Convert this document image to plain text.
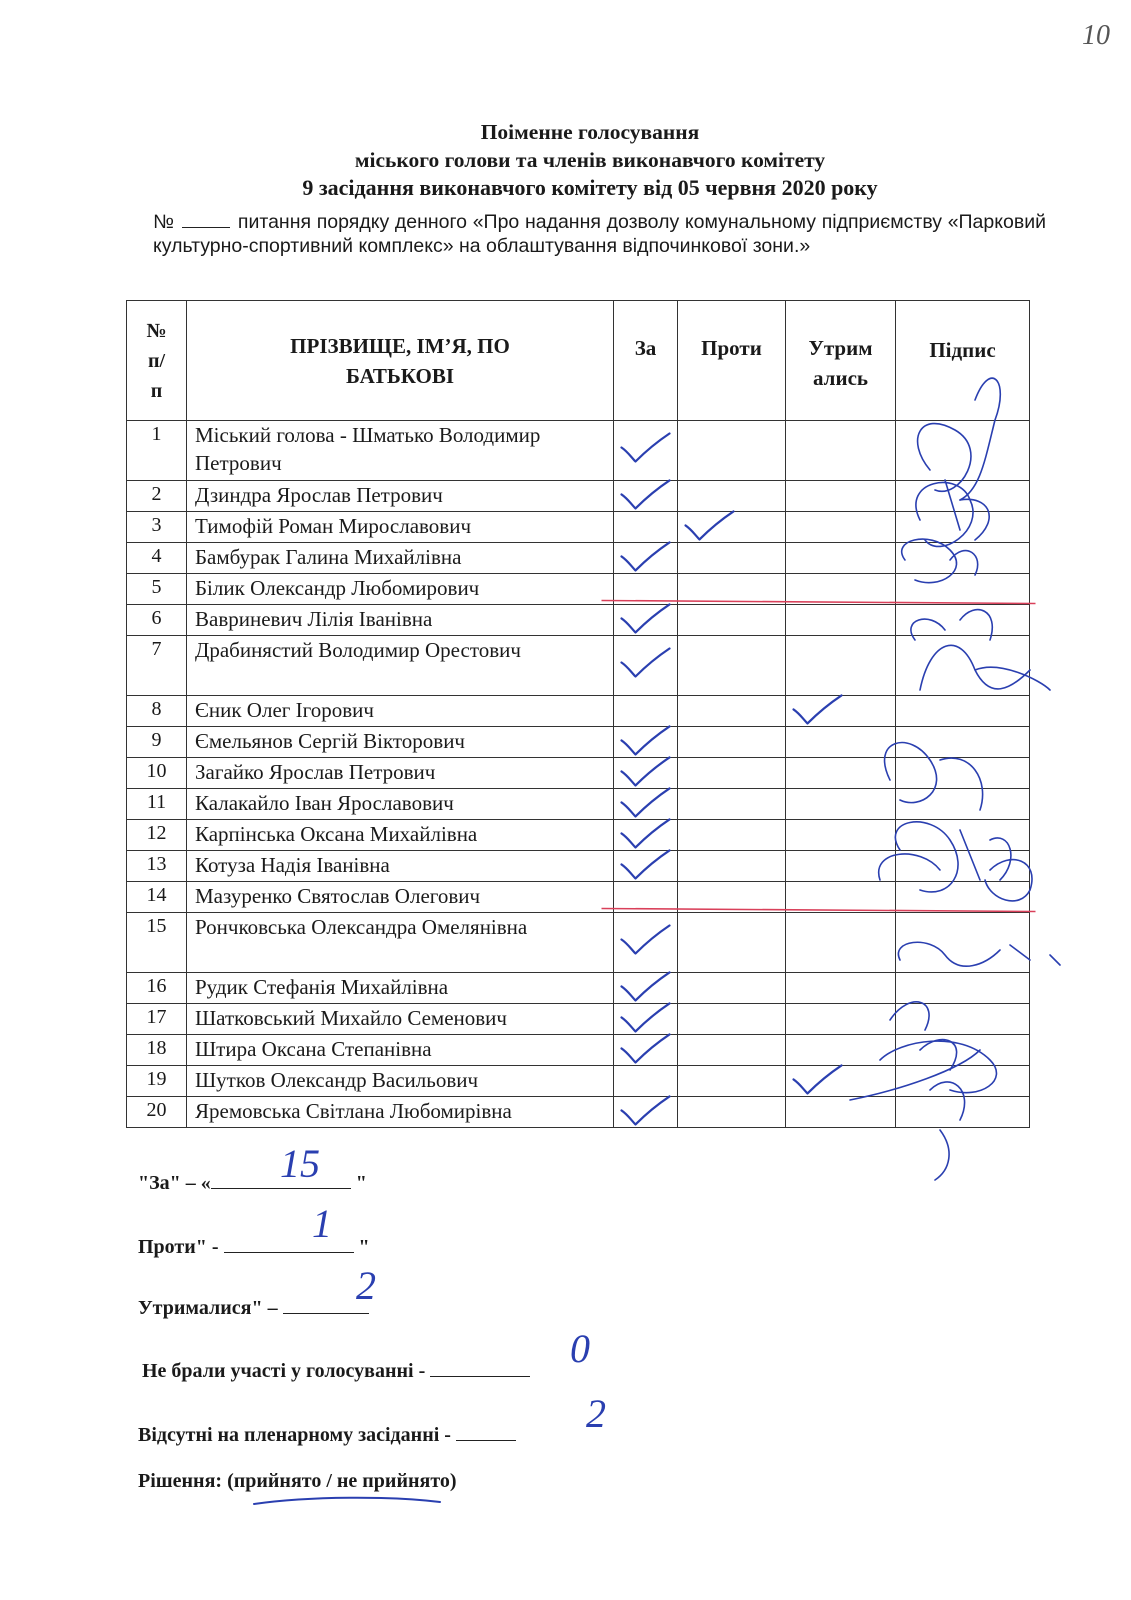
10
Поіменне голосування
міського голови та членів виконавчого комітету
9 засідання виконавчого комітету від 05 червня 2020 року
№	питання порядку денного «Про надання дозволу комунальному підприємству «Парковий культурно-спортивний комплекс» на облаштування відпочинкової зони.»
№ п/ п	ПРІЗВИЩЕ, ІМ’Я, ПО БАТЬКОВІ	За	Проти	Утрим ались	Підпис
1	Міський голова - Шматько Володимир Петрович				
2	Дзиндра Ярослав Петрович				
3	Тимофій Роман Мирославович				
4	Бамбурак Галина Михайлівна				
5	Білик Олександр Любомирович				
6	Вавриневич Лілія Іванівна				
7	Драбинястий Володимир Орестович				
8	Єник Олег Ігорович				
9	Ємельянов Сергій Вікторович				
10	Загайко Ярослав Петрович				
11	Калакайло Іван Ярославович				
12	Карпінська Оксана Михайлівна				
13	Котуза Надія Іванівна				
14	Мазуренко Святослав Олегович				
15	Рончковська Олександра Омелянівна				
16	Рудик Стефанія Михайлівна				
17	Шатковський Михайло Семенович				
18	Штира Оксана Степанівна				
19	Шутков Олександр Васильович				
20	Яремовська Світлана Любомирівна				
"За" – «	"
15
Проти" -	"
1
Утрималися" –	2
Не брали участі у голосуванні -	0
Відсутні на пленарному засіданні -	2
Рішення: (прийнято / не прийнято)
